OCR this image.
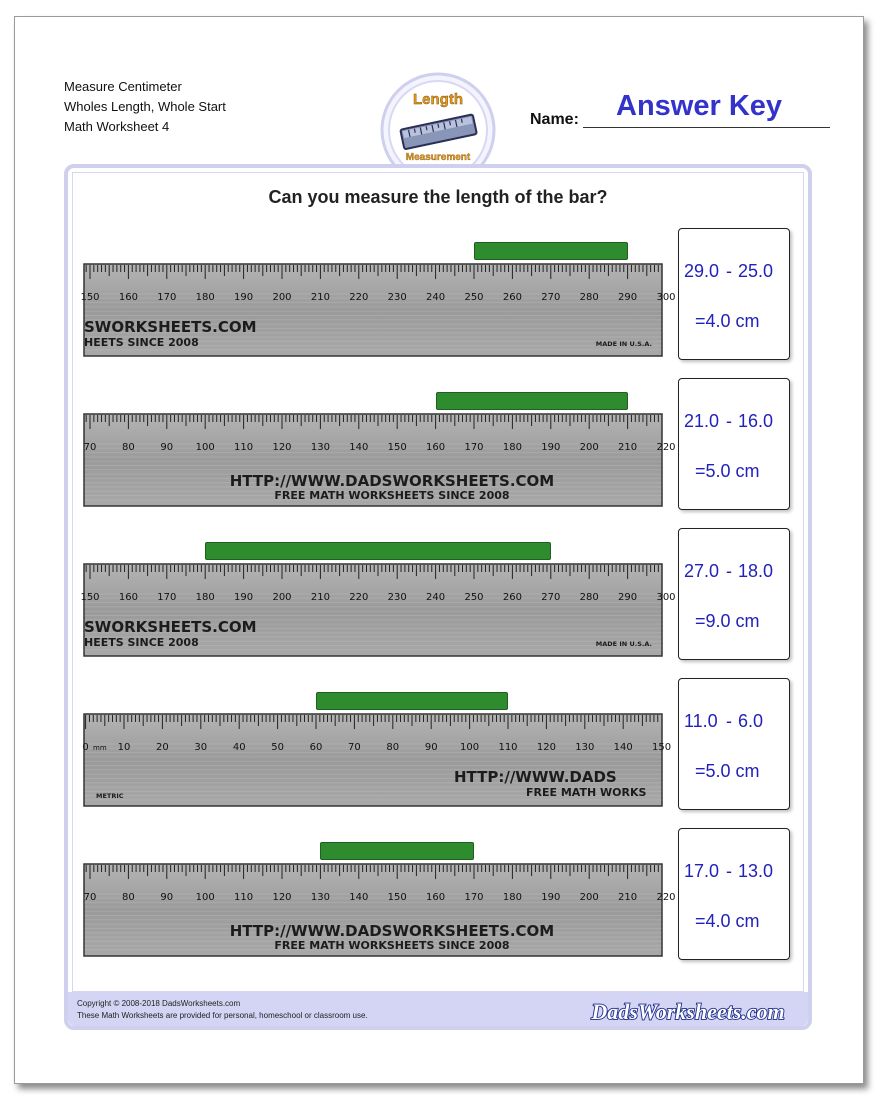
Measure Centimeter
Wholes Length, Whole Start
Math Worksheet 4
Length
Measurement
Name: Answer Key
Can you measure the length of the bar?
150 160 170 180 190 200 210 220 230 240 250 260 270 280 290 300
SWORKSHEETS.COM
HEETS SINCE 2008	MADE IN U.S.A.
29.0 - 25.0
=4.0 cm
70	80	90 100 110 120 130 140 150 160 170 180 190 200 210 220
HTTP://WWW.DADSWORKSHEETS.COM
FREE MATH WORKSHEETS SINCE 2008
21.0 - 16.0
=5.0 cm
150 160 170 180 190 200 210 220 230 240 250 260 270 280 290 300
SWORKSHEETS.COM
HEETS SINCE 2008	MADE IN U.S.A.
27.0 - 18.0
=9.0 cm
0	10	20	30	40	50	60	70	80	90 100 110 120 130 140 150
mm
HTTP://WWW.DADS
FREE MATH WORKS
METRIC
11.0 - 6.0
=5.0 cm
70	80	90 100 110 120 130 140 150 160 170 180 190 200 210 220
HTTP://WWW.DADSWORKSHEETS.COM
FREE MATH WORKSHEETS SINCE 2008
17.0 - 13.0
=4.0 cm
Copyright © 2008-2018 DadsWorksheets.com
These Math Worksheets are provided for personal, homeschool or classroom use.	DadsWorksheets.com
